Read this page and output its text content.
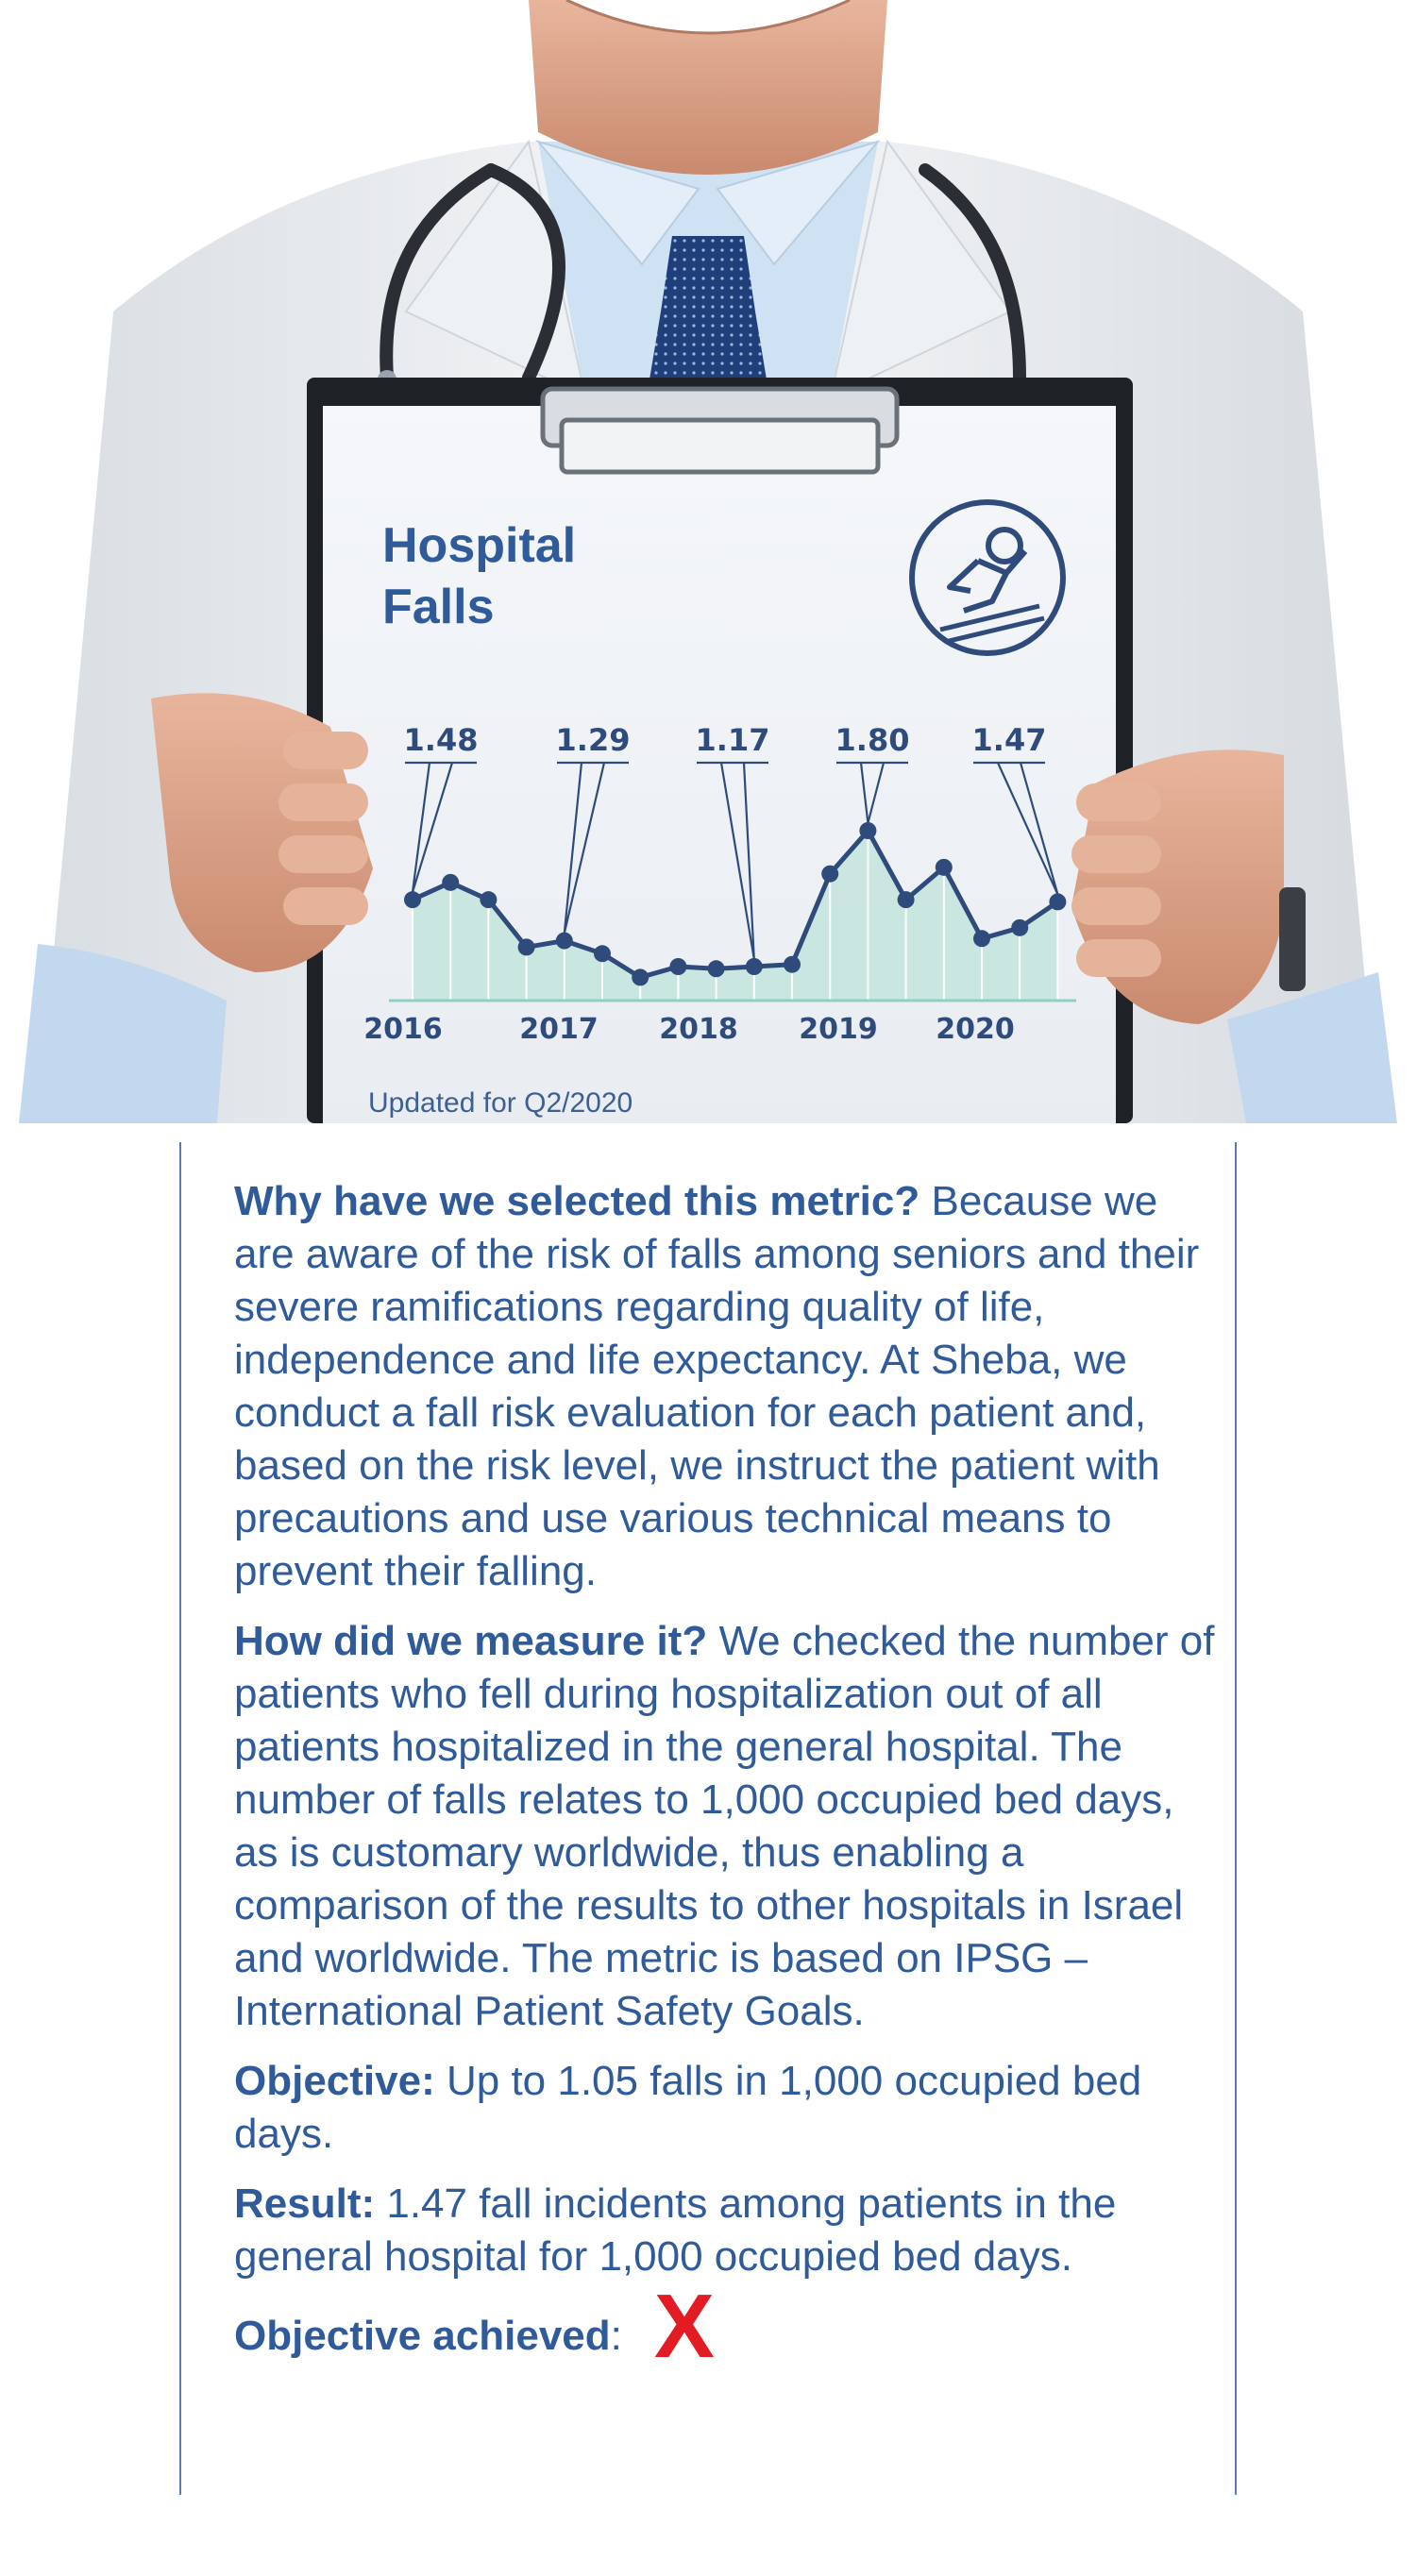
Hospital
Falls
1.48	1.29 1.17 1.80 1.47
2016	2017 2018 2019 2020
Updated for Q2/2020

Why have we selected this metric? Because we are aware of the risk of falls among seniors and their severe ramifications regarding quality of life, independence and life expectancy. At Sheba, we conduct a fall risk evaluation for each patient and, based on the risk level, we instruct the patient with precautions and use various technical means to prevent their falling.

How did we measure it? We checked the number of patients who fell during hospitalization out of all patients hospitalized in the general hospital. The number of falls relates to 1,000 occupied bed days, as is customary worldwide, thus enabling a comparison of the results to other hospitals in Israel and worldwide. The metric is based on IPSG – International Patient Safety Goals.

Objective: Up to 1.05 falls in 1,000 occupied bed days.

Result: 1.47 fall incidents among patients in the general hospital for 1,000 occupied bed days.

Objective achieved: X
